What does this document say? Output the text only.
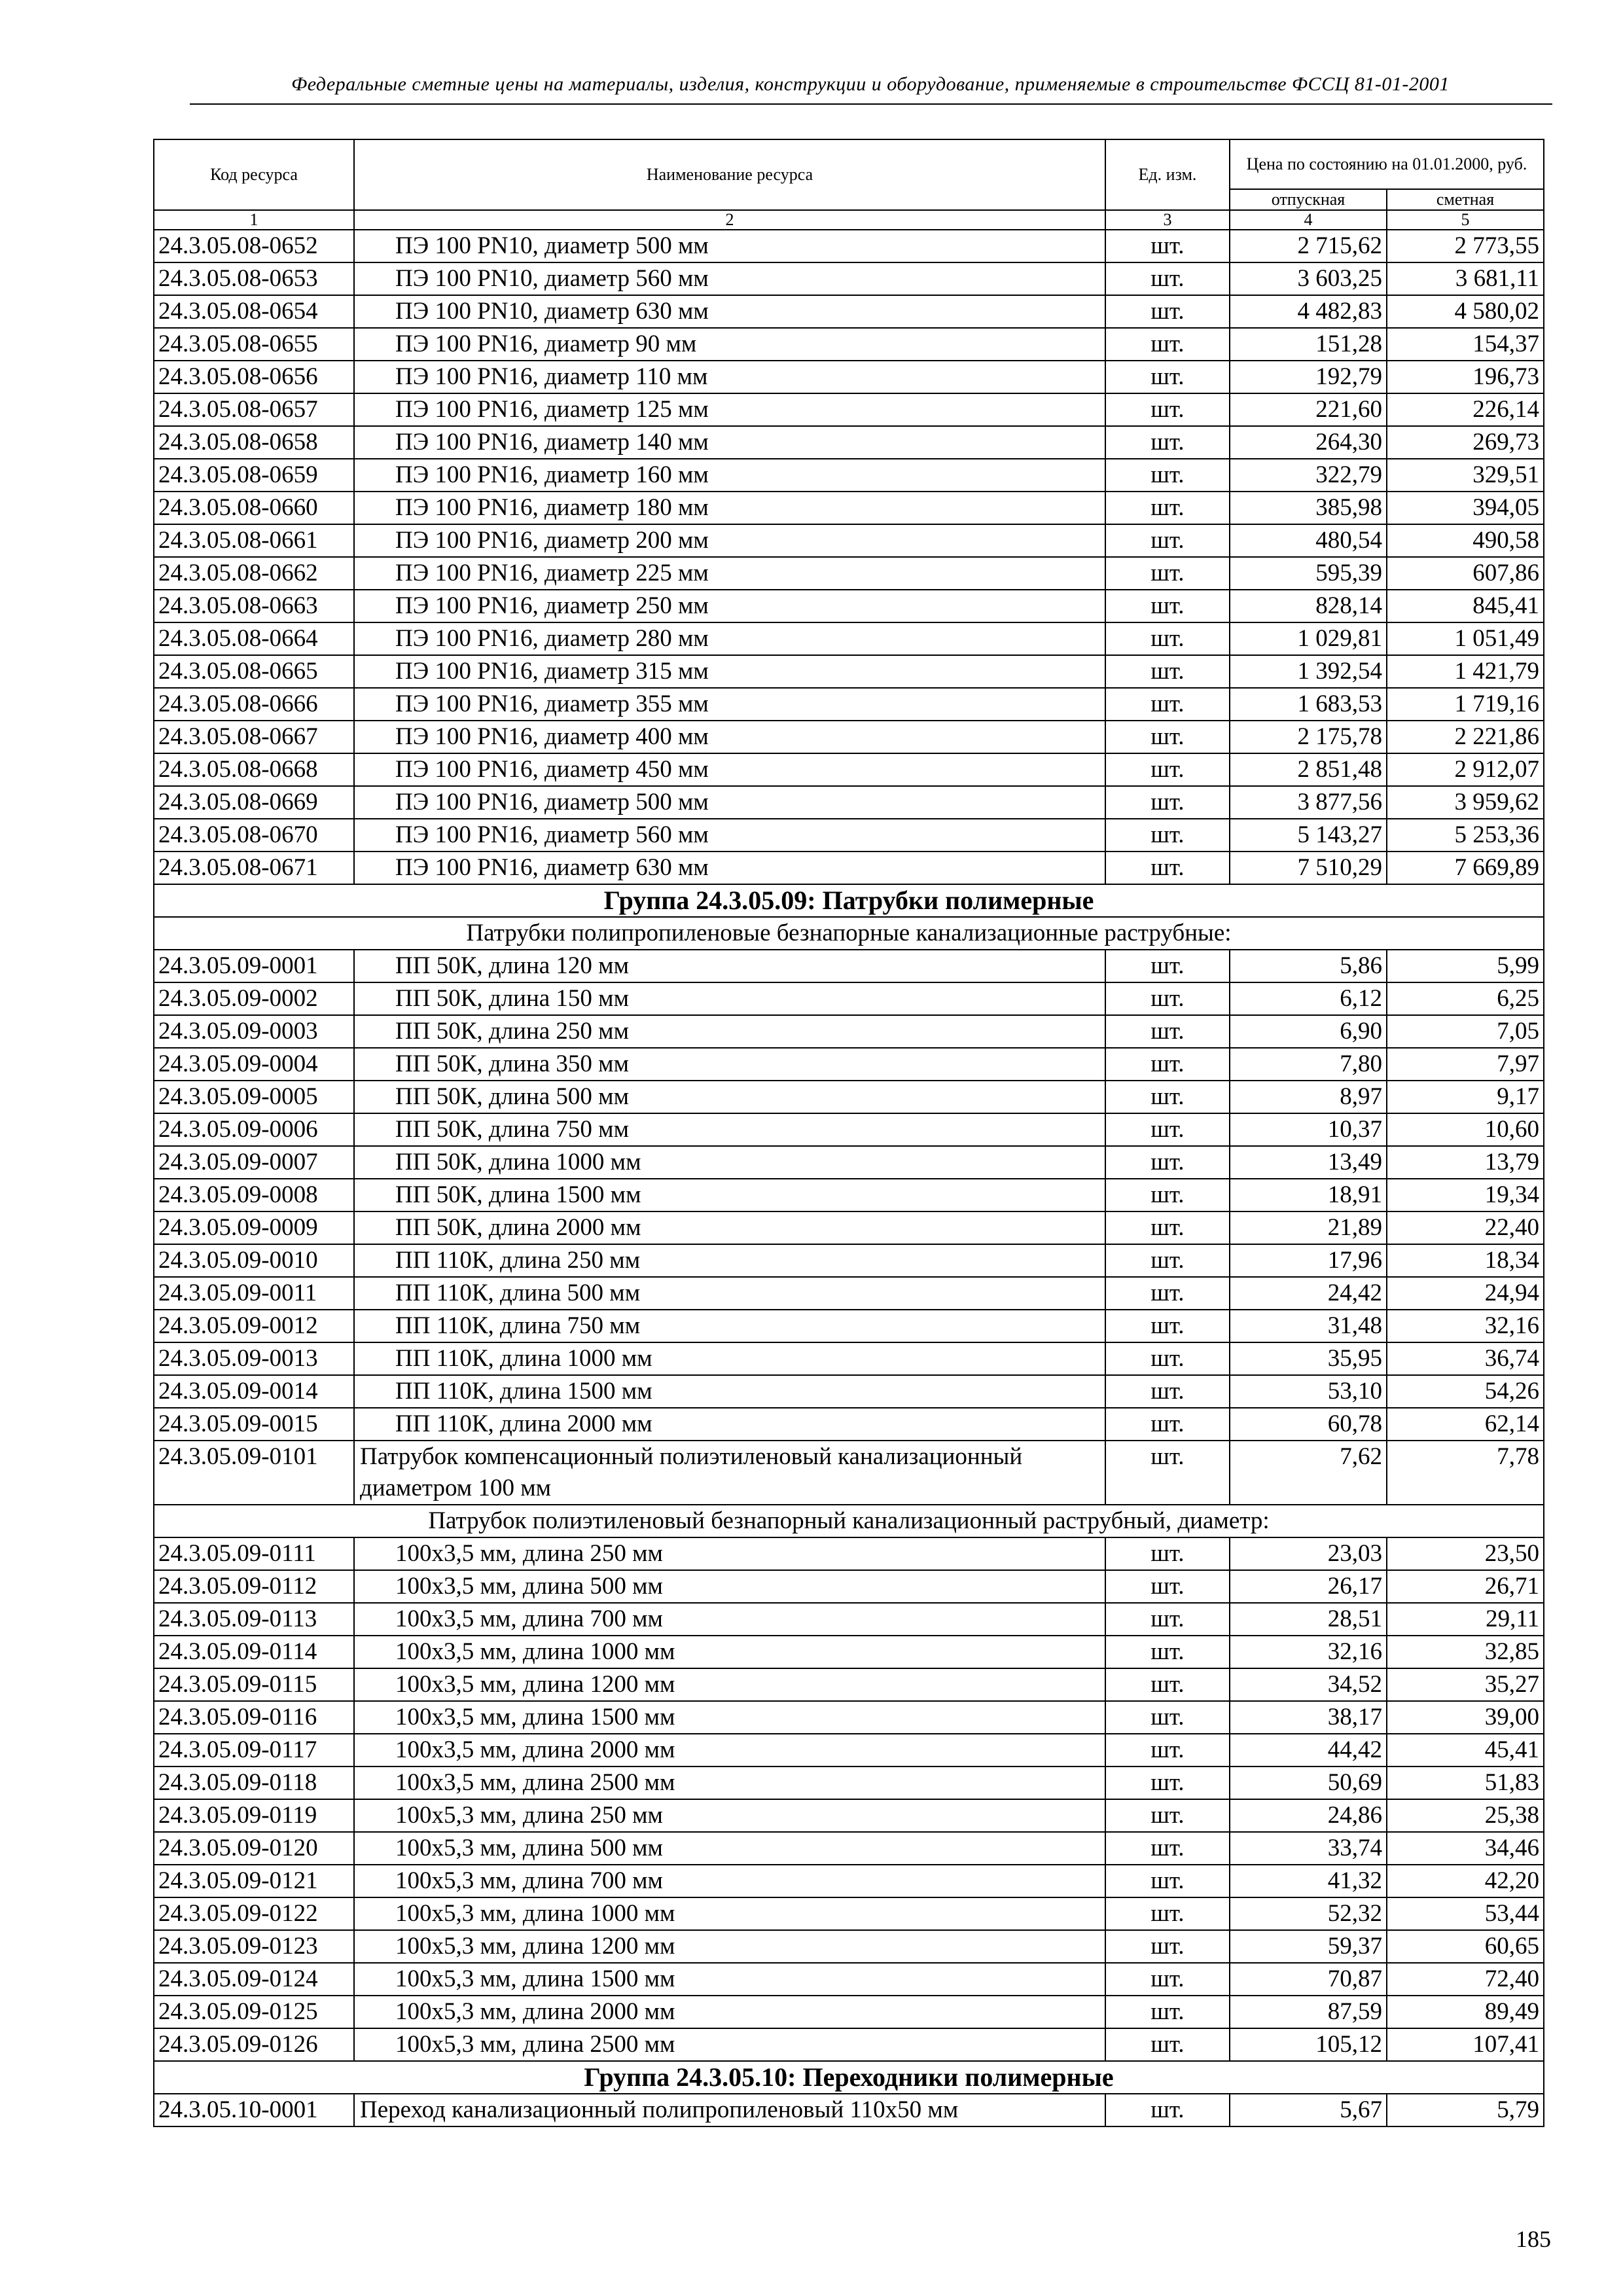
Федеральные сметные цены на материалы, изделия, конструкции и оборудование, применяемые в строительстве ФССЦ 81-01-2001
Код ресурса	Наименование ресурса	Ед. изм.	Цена по состоянию на 01.01.2000, руб.	
			отпускная	сметная
1	2	3	4	5
24.3.05.08-0652	ПЭ 100 PN10, диаметр 500 мм	шт.	2 715,62	2 773,55
24.3.05.08-0653	ПЭ 100 PN10, диаметр 560 мм	шт.	3 603,25	3 681,11
24.3.05.08-0654	ПЭ 100 PN10, диаметр 630 мм	шт.	4 482,83	4 580,02
24.3.05.08-0655	ПЭ 100 PN16, диаметр 90 мм	шт.	151,28	154,37
24.3.05.08-0656	ПЭ 100 PN16, диаметр 110 мм	шт.	192,79	196,73
24.3.05.08-0657	ПЭ 100 PN16, диаметр 125 мм	шт.	221,60	226,14
24.3.05.08-0658	ПЭ 100 PN16, диаметр 140 мм	шт.	264,30	269,73
24.3.05.08-0659	ПЭ 100 PN16, диаметр 160 мм	шт.	322,79	329,51
24.3.05.08-0660	ПЭ 100 PN16, диаметр 180 мм	шт.	385,98	394,05
24.3.05.08-0661	ПЭ 100 PN16, диаметр 200 мм	шт.	480,54	490,58
24.3.05.08-0662	ПЭ 100 PN16, диаметр 225 мм	шт.	595,39	607,86
24.3.05.08-0663	ПЭ 100 PN16, диаметр 250 мм	шт.	828,14	845,41
24.3.05.08-0664	ПЭ 100 PN16, диаметр 280 мм	шт.	1 029,81	1 051,49
24.3.05.08-0665	ПЭ 100 PN16, диаметр 315 мм	шт.	1 392,54	1 421,79
24.3.05.08-0666	ПЭ 100 PN16, диаметр 355 мм	шт.	1 683,53	1 719,16
24.3.05.08-0667	ПЭ 100 PN16, диаметр 400 мм	шт.	2 175,78	2 221,86
24.3.05.08-0668	ПЭ 100 PN16, диаметр 450 мм	шт.	2 851,48	2 912,07
24.3.05.08-0669	ПЭ 100 PN16, диаметр 500 мм	шт.	3 877,56	3 959,62
24.3.05.08-0670	ПЭ 100 PN16, диаметр 560 мм	шт.	5 143,27	5 253,36
24.3.05.08-0671	ПЭ 100 PN16, диаметр 630 мм	шт.	7 510,29	7 669,89
Группа 24.3.05.09: Патрубки полимерные				
Патрубки полипропиленовые безнапорные канализационные раструбные:				
24.3.05.09-0001	ПП 50К, длина 120 мм	шт.	5,86	5,99
24.3.05.09-0002	ПП 50К, длина 150 мм	шт.	6,12	6,25
24.3.05.09-0003	ПП 50К, длина 250 мм	шт.	6,90	7,05
24.3.05.09-0004	ПП 50К, длина 350 мм	шт.	7,80	7,97
24.3.05.09-0005	ПП 50К, длина 500 мм	шт.	8,97	9,17
24.3.05.09-0006	ПП 50К, длина 750 мм	шт.	10,37	10,60
24.3.05.09-0007	ПП 50К, длина 1000 мм	шт.	13,49	13,79
24.3.05.09-0008	ПП 50К, длина 1500 мм	шт.	18,91	19,34
24.3.05.09-0009	ПП 50К, длина 2000 мм	шт.	21,89	22,40
24.3.05.09-0010	ПП 110К, длина 250 мм	шт.	17,96	18,34
24.3.05.09-0011	ПП 110К, длина 500 мм	шт.	24,42	24,94
24.3.05.09-0012	ПП 110К, длина 750 мм	шт.	31,48	32,16
24.3.05.09-0013	ПП 110К, длина 1000 мм	шт.	35,95	36,74
24.3.05.09-0014	ПП 110К, длина 1500 мм	шт.	53,10	54,26
24.3.05.09-0015	ПП 110К, длина 2000 мм	шт.	60,78	62,14
24.3.05.09-0101	Патрубок компенсационный полиэтиленовый канализационный диаметром 100 мм	шт.	7,62	7,78
Патрубок полиэтиленовый безнапорный канализационный раструбный, диаметр:				
24.3.05.09-0111	100х3,5 мм, длина 250 мм	шт.	23,03	23,50
24.3.05.09-0112	100х3,5 мм, длина 500 мм	шт.	26,17	26,71
24.3.05.09-0113	100х3,5 мм, длина 700 мм	шт.	28,51	29,11
24.3.05.09-0114	100х3,5 мм, длина 1000 мм	шт.	32,16	32,85
24.3.05.09-0115	100х3,5 мм, длина 1200 мм	шт.	34,52	35,27
24.3.05.09-0116	100х3,5 мм, длина 1500 мм	шт.	38,17	39,00
24.3.05.09-0117	100х3,5 мм, длина 2000 мм	шт.	44,42	45,41
24.3.05.09-0118	100х3,5 мм, длина 2500 мм	шт.	50,69	51,83
24.3.05.09-0119	100х5,3 мм, длина 250 мм	шт.	24,86	25,38
24.3.05.09-0120	100х5,3 мм, длина 500 мм	шт.	33,74	34,46
24.3.05.09-0121	100х5,3 мм, длина 700 мм	шт.	41,32	42,20
24.3.05.09-0122	100х5,3 мм, длина 1000 мм	шт.	52,32	53,44
24.3.05.09-0123	100х5,3 мм, длина 1200 мм	шт.	59,37	60,65
24.3.05.09-0124	100х5,3 мм, длина 1500 мм	шт.	70,87	72,40
24.3.05.09-0125	100х5,3 мм, длина 2000 мм	шт.	87,59	89,49
24.3.05.09-0126	100х5,3 мм, длина 2500 мм	шт.	105,12	107,41
Группа 24.3.05.10: Переходники полимерные				
24.3.05.10-0001	Переход канализационный полипропиленовый 110х50 мм	шт.	5,67	5,79
185
